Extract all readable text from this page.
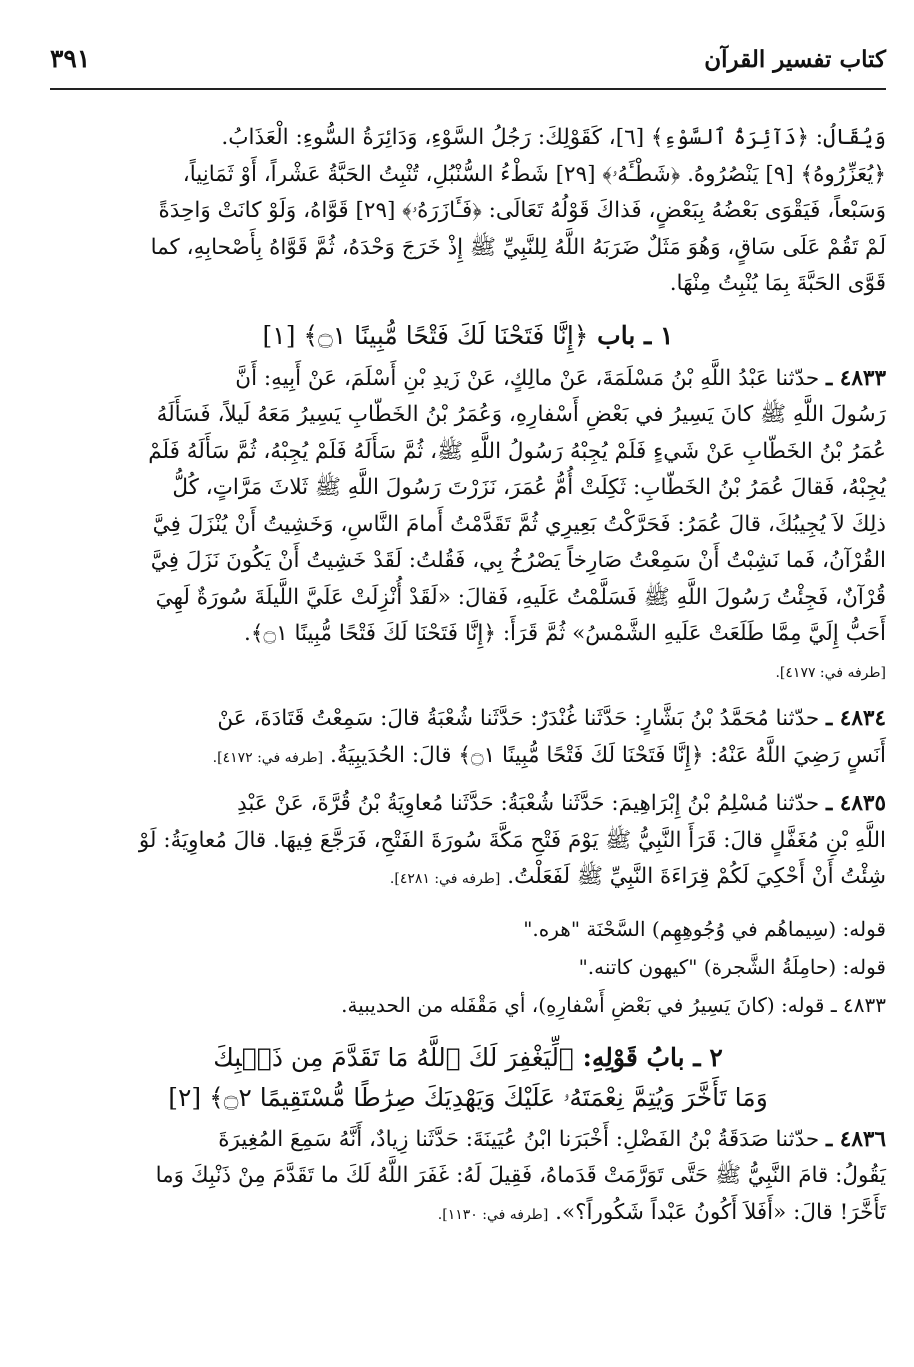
كتاب تفسير القرآن
٣٩١

وَيُقَالُ: ﴿دَآئِرَةُ ٱلسَّوْءِ﴾ [٦]، كَقَوْلِكَ: رَجُلُ السَّوْءِ، وَدَائِرَةُ السُّوءِ: الْعَذَابُ.

﴿يُعَزِّرُوهُ﴾ [٩] يَنْصُرُوهُ. ﴿شَطْـَٔهُۥ﴾ [٢٩] شَطْءُ السُّنْبُلِ، تُنْبِتُ الحَبَّةُ عَشْراً، أَوْ ثَمَانِياً،

وَسَبْعاً، فَيَقْوَى بَعْضُهُ بِبَعْضٍ، فَذاكَ قَوْلُهُ تَعَالَى: ﴿فَـَٔازَرَهُۥ﴾ [٢٩] قَوَّاهُ، وَلَوْ كانَتْ وَاحِدَةً

لَمْ تَقُمْ عَلَى سَاقٍ، وَهُوَ مَثَلٌ ضَرَبَهُ اللَّهُ لِلنَّبِيِّ ﷺ إِذْ خَرَجَ وَحْدَهُ، ثُمَّ قَوَّاهُ بِأَصْحابِهِ، كما

قَوَّى الحَبَّةَ بِمَا يُنْبِتُ مِنْهَا.

١ ـ باب ﴿إِنَّا فَتَحْنَا لَكَ فَتْحًا مُّبِينًا ۝١﴾ [١]

٤٨٣٣ ـ حدّثنا عَبْدُ اللَّهِ بْنُ مَسْلَمَةَ، عَنْ مالِكٍ، عَنْ زَيدِ بْنِ أَسْلَمَ، عَنْ أَبِيهِ: أَنَّ

رَسُولَ اللَّهِ ﷺ كانَ يَسِيرُ في بَعْضِ أَسْفارِهِ، وَعُمَرُ بْنُ الخَطّابِ يَسِيرُ مَعَهُ لَيلاً، فَسَأَلَهُ

عُمَرُ بْنُ الخَطّابِ عَنْ شَيءٍ فَلَمْ يُجِبْهُ رَسُولُ اللَّهِ ﷺ، ثُمَّ سَأَلَهُ فَلَمْ يُجِبْهُ، ثُمَّ سَأَلَهُ فَلَمْ

يُجِبْهُ، فَقالَ عُمَرُ بْنُ الخَطّابِ: ثَكِلَتْ أُمُّ عُمَرَ، نَزَرْتَ رَسُولَ اللَّهِ ﷺ ثَلاثَ مَرَّاتٍ، كُلُّ

ذلِكَ لاَ يُجِيبُكَ، قالَ عُمَرُ: فَحَرَّكْتُ بَعِيرِي ثُمَّ تَقَدَّمْتُ أَمامَ النَّاسِ، وَخَشِيتُ أَنْ يُنْزَلَ فِيَّ

القُرْآنُ، فَما نَشِبْتُ أَنْ سَمِعْتُ صَارِخاً يَصْرُخُ بِي، فَقُلتُ: لَقَدْ خَشِيتُ أَنْ يَكُونَ نَزَلَ فِيَّ

قُرْآنٌ، فَجِئْتُ رَسُولَ اللَّهِ ﷺ فَسَلَّمْتُ عَلَيهِ، فَقالَ: «لَقَدْ أُنْزِلَتْ عَلَيَّ اللَّيلَةَ سُورَةٌ لَهِيَ

أَحَبُّ إِلَيَّ مِمَّا طَلَعَتْ عَلَيهِ الشَّمْسُ» ثُمَّ قَرَأَ: ﴿إِنَّا فَتَحْنَا لَكَ فَتْحًا مُّبِينًا ۝١﴾.

[طرفه في: ٤١٧٧].

٤٨٣٤ ـ حدّثنا مُحَمَّدُ بْنُ بَشَّارٍ: حَدَّثَنا غُنْدَرٌ: حَدَّثَنا شُعْبَةُ قالَ: سَمِعْتُ قَتَادَةَ، عَنْ

أَنَسٍ رَضِيَ اللَّهُ عَنْهُ: ﴿إِنَّا فَتَحْنَا لَكَ فَتْحًا مُّبِينًا ۝١﴾ قالَ: الحُدَيبِيَةُ. [طرفه في: ٤١٧٢].

٤٨٣٥ ـ حدّثنا مُسْلِمُ بْنُ إِبْرَاهِيمَ: حَدَّثَنا شُعْبَةُ: حَدَّثَنا مُعاوِيَةُ بْنُ قُرَّةَ، عَنْ عَبْدِ

اللَّهِ بْنِ مُغَفَّلٍ قالَ: قَرَأَ النَّبِيُّ ﷺ يَوْمَ فَتْحِ مَكَّةَ سُورَةَ الفَتْحِ، فَرَجَّعَ فِيهَا. قالَ مُعاوِيَةُ: لَوْ

شِئْتُ أَنْ أَحْكِيَ لَكُمْ قِرَاءَةَ النَّبِيِّ ﷺ لَفَعَلْتُ. [طرفه في: ٤٢٨١].

قوله: (سِيماهُم في وُجُوهِهِم) السَّحْنَة "هره."

قوله: (حامِلَةُ الشَّجرة) "كيهون كاتنه."

٤٨٣٣ ـ قوله: (كانَ يَسِيرُ في بَعْضِ أَسْفارِهِ)، أي مَقْفَله من الحديبية.

٢ ـ بابُ قَوْلِهِ: ﴿لِّيَغْفِرَ لَكَ ٱللَّهُ مَا تَقَدَّمَ مِن ذَنۢبِكَ
وَمَا تَأَخَّرَ وَيُتِمَّ نِعْمَتَهُۥ عَلَيْكَ وَيَهْدِيَكَ صِرَٰطًا مُّسْتَقِيمًا ۝٢﴾ [٢]

٤٨٣٦ ـ حدّثنا صَدَقَةُ بْنُ الفَضْلِ: أَخْبَرَنا ابْنُ عُيَينَةَ: حَدَّثَنا زِيادٌ، أَنَّهُ سَمِعَ المُغِيرَةَ

يَقُولُ: قامَ النَّبِيُّ ﷺ حَتَّى تَوَرَّمَتْ قَدَماهُ، فَقِيلَ لَهُ: غَفَرَ اللَّهُ لَكَ ما تَقَدَّمَ مِنْ ذَنْبِكَ وَما

تَأَخَّرَ! قالَ: «أَفَلاَ أَكُونُ عَبْداً شَكُوراً؟». [طرفه في: ١١٣٠].
